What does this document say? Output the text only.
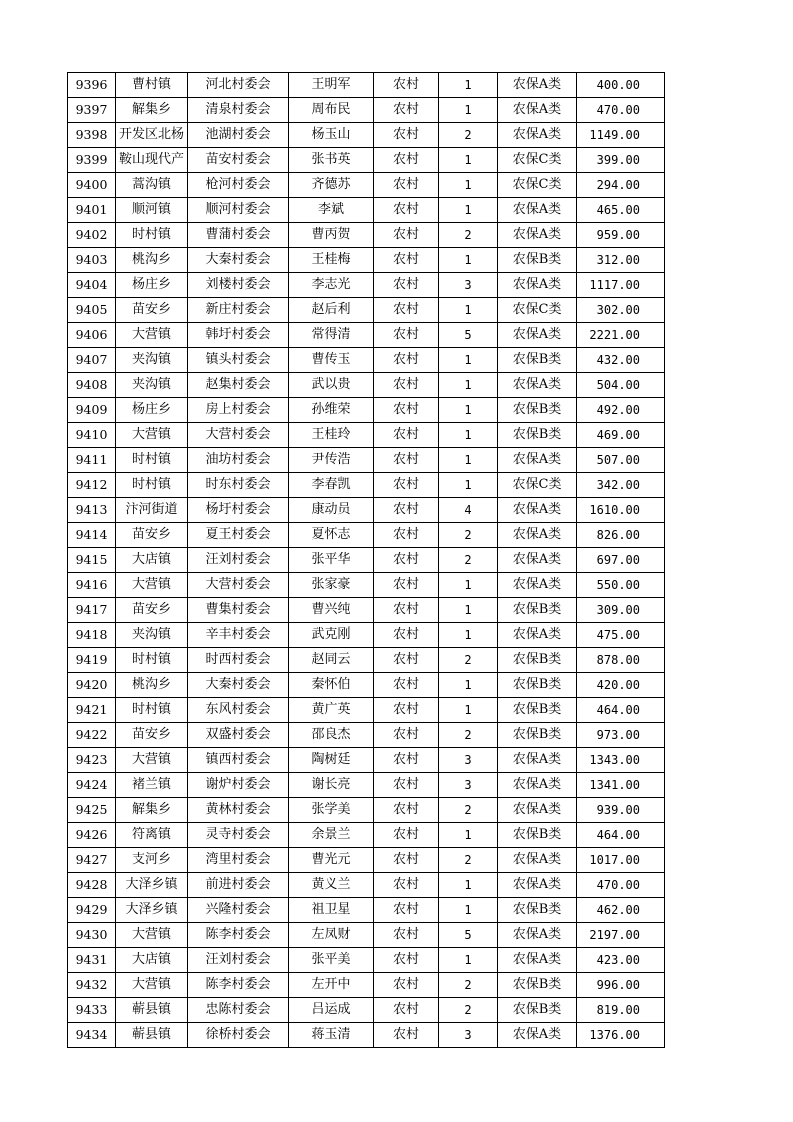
9396	曹村镇	河北村委会	王明军	农村	1	农保A类	400.00
9397	解集乡	清泉村委会	周布民	农村	1	农保A类	470.00
9398	开发区北杨	池湖村委会	杨玉山	农村	2	农保A类	1149.00
9399	鞍山现代产	苗安村委会	张书英	农村	1	农保C类	399.00
9400	蒿沟镇	枪河村委会	齐德苏	农村	1	农保C类	294.00
9401	顺河镇	顺河村委会	李斌	农村	1	农保A类	465.00
9402	时村镇	曹蒲村委会	曹丙贺	农村	2	农保A类	959.00
9403	桃沟乡	大秦村委会	王桂梅	农村	1	农保B类	312.00
9404	杨庄乡	刘楼村委会	李志光	农村	3	农保A类	1117.00
9405	苗安乡	新庄村委会	赵后利	农村	1	农保C类	302.00
9406	大营镇	韩圩村委会	常得清	农村	5	农保A类	2221.00
9407	夹沟镇	镇头村委会	曹传玉	农村	1	农保B类	432.00
9408	夹沟镇	赵集村委会	武以贵	农村	1	农保A类	504.00
9409	杨庄乡	房上村委会	孙维荣	农村	1	农保B类	492.00
9410	大营镇	大营村委会	王桂玲	农村	1	农保B类	469.00
9411	时村镇	油坊村委会	尹传浩	农村	1	农保A类	507.00
9412	时村镇	时东村委会	李春凯	农村	1	农保C类	342.00
9413	汴河街道	杨圩村委会	康动员	农村	4	农保A类	1610.00
9414	苗安乡	夏王村委会	夏怀志	农村	2	农保A类	826.00
9415	大店镇	汪刘村委会	张平华	农村	2	农保A类	697.00
9416	大营镇	大营村委会	张家豪	农村	1	农保A类	550.00
9417	苗安乡	曹集村委会	曹兴纯	农村	1	农保B类	309.00
9418	夹沟镇	辛丰村委会	武克刚	农村	1	农保A类	475.00
9419	时村镇	时西村委会	赵同云	农村	2	农保B类	878.00
9420	桃沟乡	大秦村委会	秦怀伯	农村	1	农保B类	420.00
9421	时村镇	东风村委会	黄广英	农村	1	农保B类	464.00
9422	苗安乡	双盛村委会	邵良杰	农村	2	农保B类	973.00
9423	大营镇	镇西村委会	陶树廷	农村	3	农保A类	1343.00
9424	褚兰镇	谢炉村委会	谢长亮	农村	3	农保A类	1341.00
9425	解集乡	黄林村委会	张学美	农村	2	农保A类	939.00
9426	符离镇	灵寺村委会	余景兰	农村	1	农保B类	464.00
9427	支河乡	湾里村委会	曹光元	农村	2	农保A类	1017.00
9428	大泽乡镇	前进村委会	黄义兰	农村	1	农保A类	470.00
9429	大泽乡镇	兴隆村委会	祖卫星	农村	1	农保B类	462.00
9430	大营镇	陈李村委会	左凤财	农村	5	农保A类	2197.00
9431	大店镇	汪刘村委会	张平美	农村	1	农保A类	423.00
9432	大营镇	陈李村委会	左开中	农村	2	农保B类	996.00
9433	蕲县镇	忠陈村委会	吕运成	农村	2	农保B类	819.00
9434	蕲县镇	徐桥村委会	蒋玉清	农村	3	农保A类	1376.00
